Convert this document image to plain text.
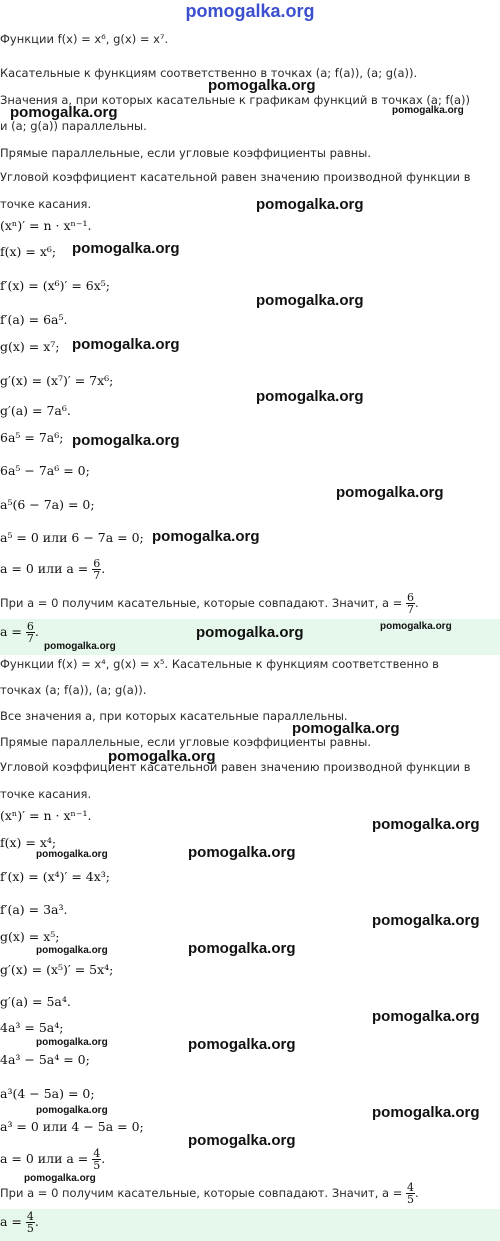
pomogalka.org
Функции f(x) = x⁶, g(x) = x⁷.
Касательные к функциям соответственно в точках (a; f(a)), (a; g(a)).
Значения a, при которых касательные к графикам функций в точках (a; f(a))
и (a; g(a)) параллельны.
Прямые параллельные, если угловые коэффициенты равны.
Угловой коэффициент касательной равен значению производной функции в
точке касания.
(xⁿ)′ = n · xⁿ⁻¹.
f(x) = x⁶;
f′(x) = (x⁶)′ = 6x⁵;
f′(a) = 6a⁵.
g(x) = x⁷;
g′(x) = (x⁷)′ = 7x⁶;
g′(a) = 7a⁶.
6a⁵ = 7a⁶;
6a⁵ − 7a⁶ = 0;
a⁵(6 − 7a) = 0;
a⁵ = 0 или 6 − 7a = 0;
a = 0 или $a = \frac{6}{7}$ .
При a = 0 получим касательные, которые совпадают. Значит, $a = \frac{6}{7}$ .
$a = \frac{6}{7}$ .
Функции f(x) = x⁴, g(x) = x⁵. Касательные к функциям соответственно в
точках (a; f(a)), (a; g(a)).
Все значения a, при которых касательные параллельны.
Прямые параллельные, если угловые коэффициенты равны.
Угловой коэффициент касательной равен значению производной функции в
точке касания.
(xⁿ)′ = n · xⁿ⁻¹.
f(x) = x⁴;
f′(x) = (x⁴)′ = 4x³;
f′(a) = 3a³.
g(x) = x⁵;
g′(x) = (x⁵)′ = 5x⁴;
g′(a) = 5a⁴.
4a³ = 5a⁴;
4a³ − 5a⁴ = 0;
a³(4 − 5a) = 0;
a³ = 0 или 4 − 5a = 0;
a = 0 или $a = \frac{4}{5}$ .
При a = 0 получим касательные, которые совпадают. Значит, $a = \frac{4}{5}$ .
$a = \frac{4}{5}$ .
pomogalka.org
pomogalka.org	pomogalka.org
pomogalka.org
pomogalka.org
pomogalka.org
pomogalka.org
pomogalka.org
pomogalka.org
pomogalka.org
pomogalka.org
pomogalka.org	pomogalka.org
pomogalka.org
pomogalka.org
pomogalka.org
pomogalka.org
pomogalka.org
pomogalka.org
pomogalka.org
pomogalka.org
pomogalka.org
pomogalka.org
pomogalka.org
pomogalka.org
pomogalka.org
pomogalka.org
pomogalka.org
pomogalka.org
